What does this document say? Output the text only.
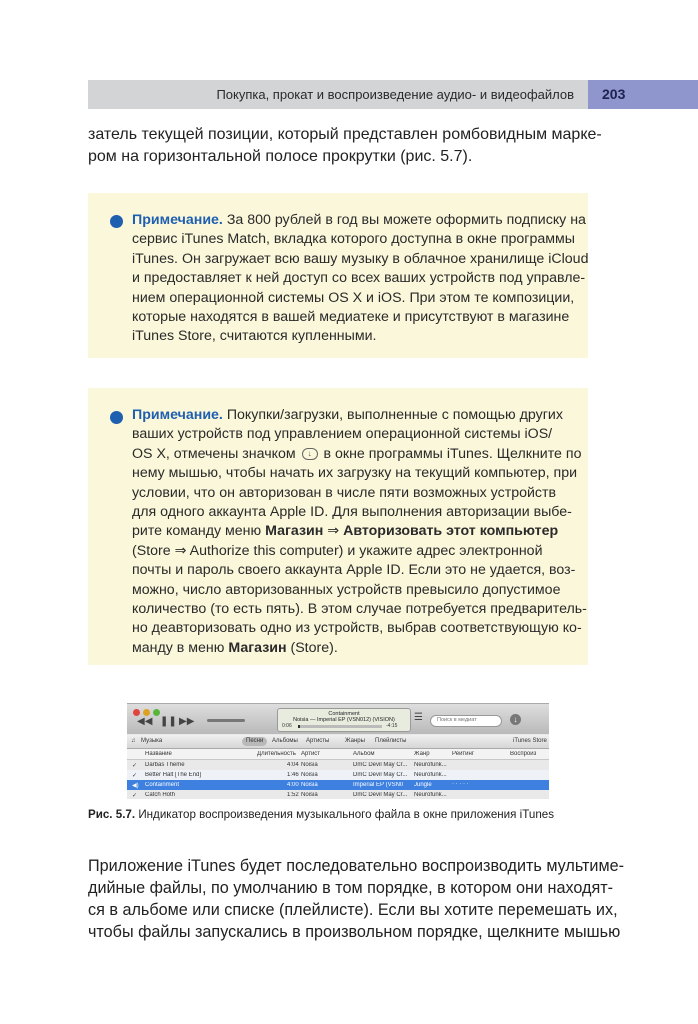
Покупка, прокат и воспроизведение аудио- и видеофайлов 203
затель текущей позиции, который представлен ромбовидным марке-
ром на горизонтальной полосе прокрутки (рис. 5.7).
Примечание. За 800 рублей в год вы можете оформить подписку на
сервис iTunes Match, вкладка которого доступна в окне программы
iTunes. Он загружает всю вашу музыку в облачное хранилище iCloud
и предоставляет к ней доступ со всех ваших устройств под управле-
нием операционной системы OS X и iOS. При этом те композиции,
которые находятся в вашей медиатеке и присутствуют в магазине
iTunes Store, считаются купленными.
Примечание. Покупки/загрузки, выполненные с помощью других
ваших устройств под управлением операционной системы iOS/
OS X, отмечены значком ↓ в окне программы iTunes. Щелкните по
нему мышью, чтобы начать их загрузку на текущий компьютер, при
условии, что он авторизован в числе пяти возможных устройств
для одного аккаунта Apple ID. Для выполнения авторизации выбе-
рите команду меню Магазин ⇒ Авторизовать этот компьютер
(Store ⇒ Authorize this computer) и укажите адрес электронной
почты и пароль своего аккаунта Apple ID. Если это не удается, воз-
можно, число авторизованных устройств превысило допустимое
количество (то есть пять). В этом случае потребуется предваритель-
но деавторизовать одно из устройств, выбрав соответствующую ко-
манду в меню Магазин (Store).
◀◀ ❚❚ ▶▶
Containment
Noisia — Imperial EP (VSN012) (VISION)
0:06	-4:15
☰	Поиск в медиат	↓
♫ Музыка	Песни	Альбомы Артисты	Жанры Плейлисты	iTunes Store
Название	Длительность Артист	Альбом	Жанр	Рейтинг	Воспроиз
✓ Darbas Theme	4:04 Noisia	DmC Devil May Cr...	Neurofunk...
✓ Better Halt [The End]	1:46 Noisia	DmC Devil May Cr...	Neurofunk...
◀) Containment	4:00 Noisia	Imperial EP (VSN0	Jungle	· · · · ·
✓ Catch Hoth	1:52 Noisia	DmC Devil May Cr...	Neurofunk...
Рис. 5.7. Индикатор воспроизведения музыкального файла в окне приложения iTunes
Приложение iTunes будет последовательно воспроизводить мультиме-
дийные файлы, по умолчанию в том порядке, в котором они находят-
ся в альбоме или списке (плейлисте). Если вы хотите перемешать их,
чтобы файлы запускались в произвольном порядке, щелкните мышью
